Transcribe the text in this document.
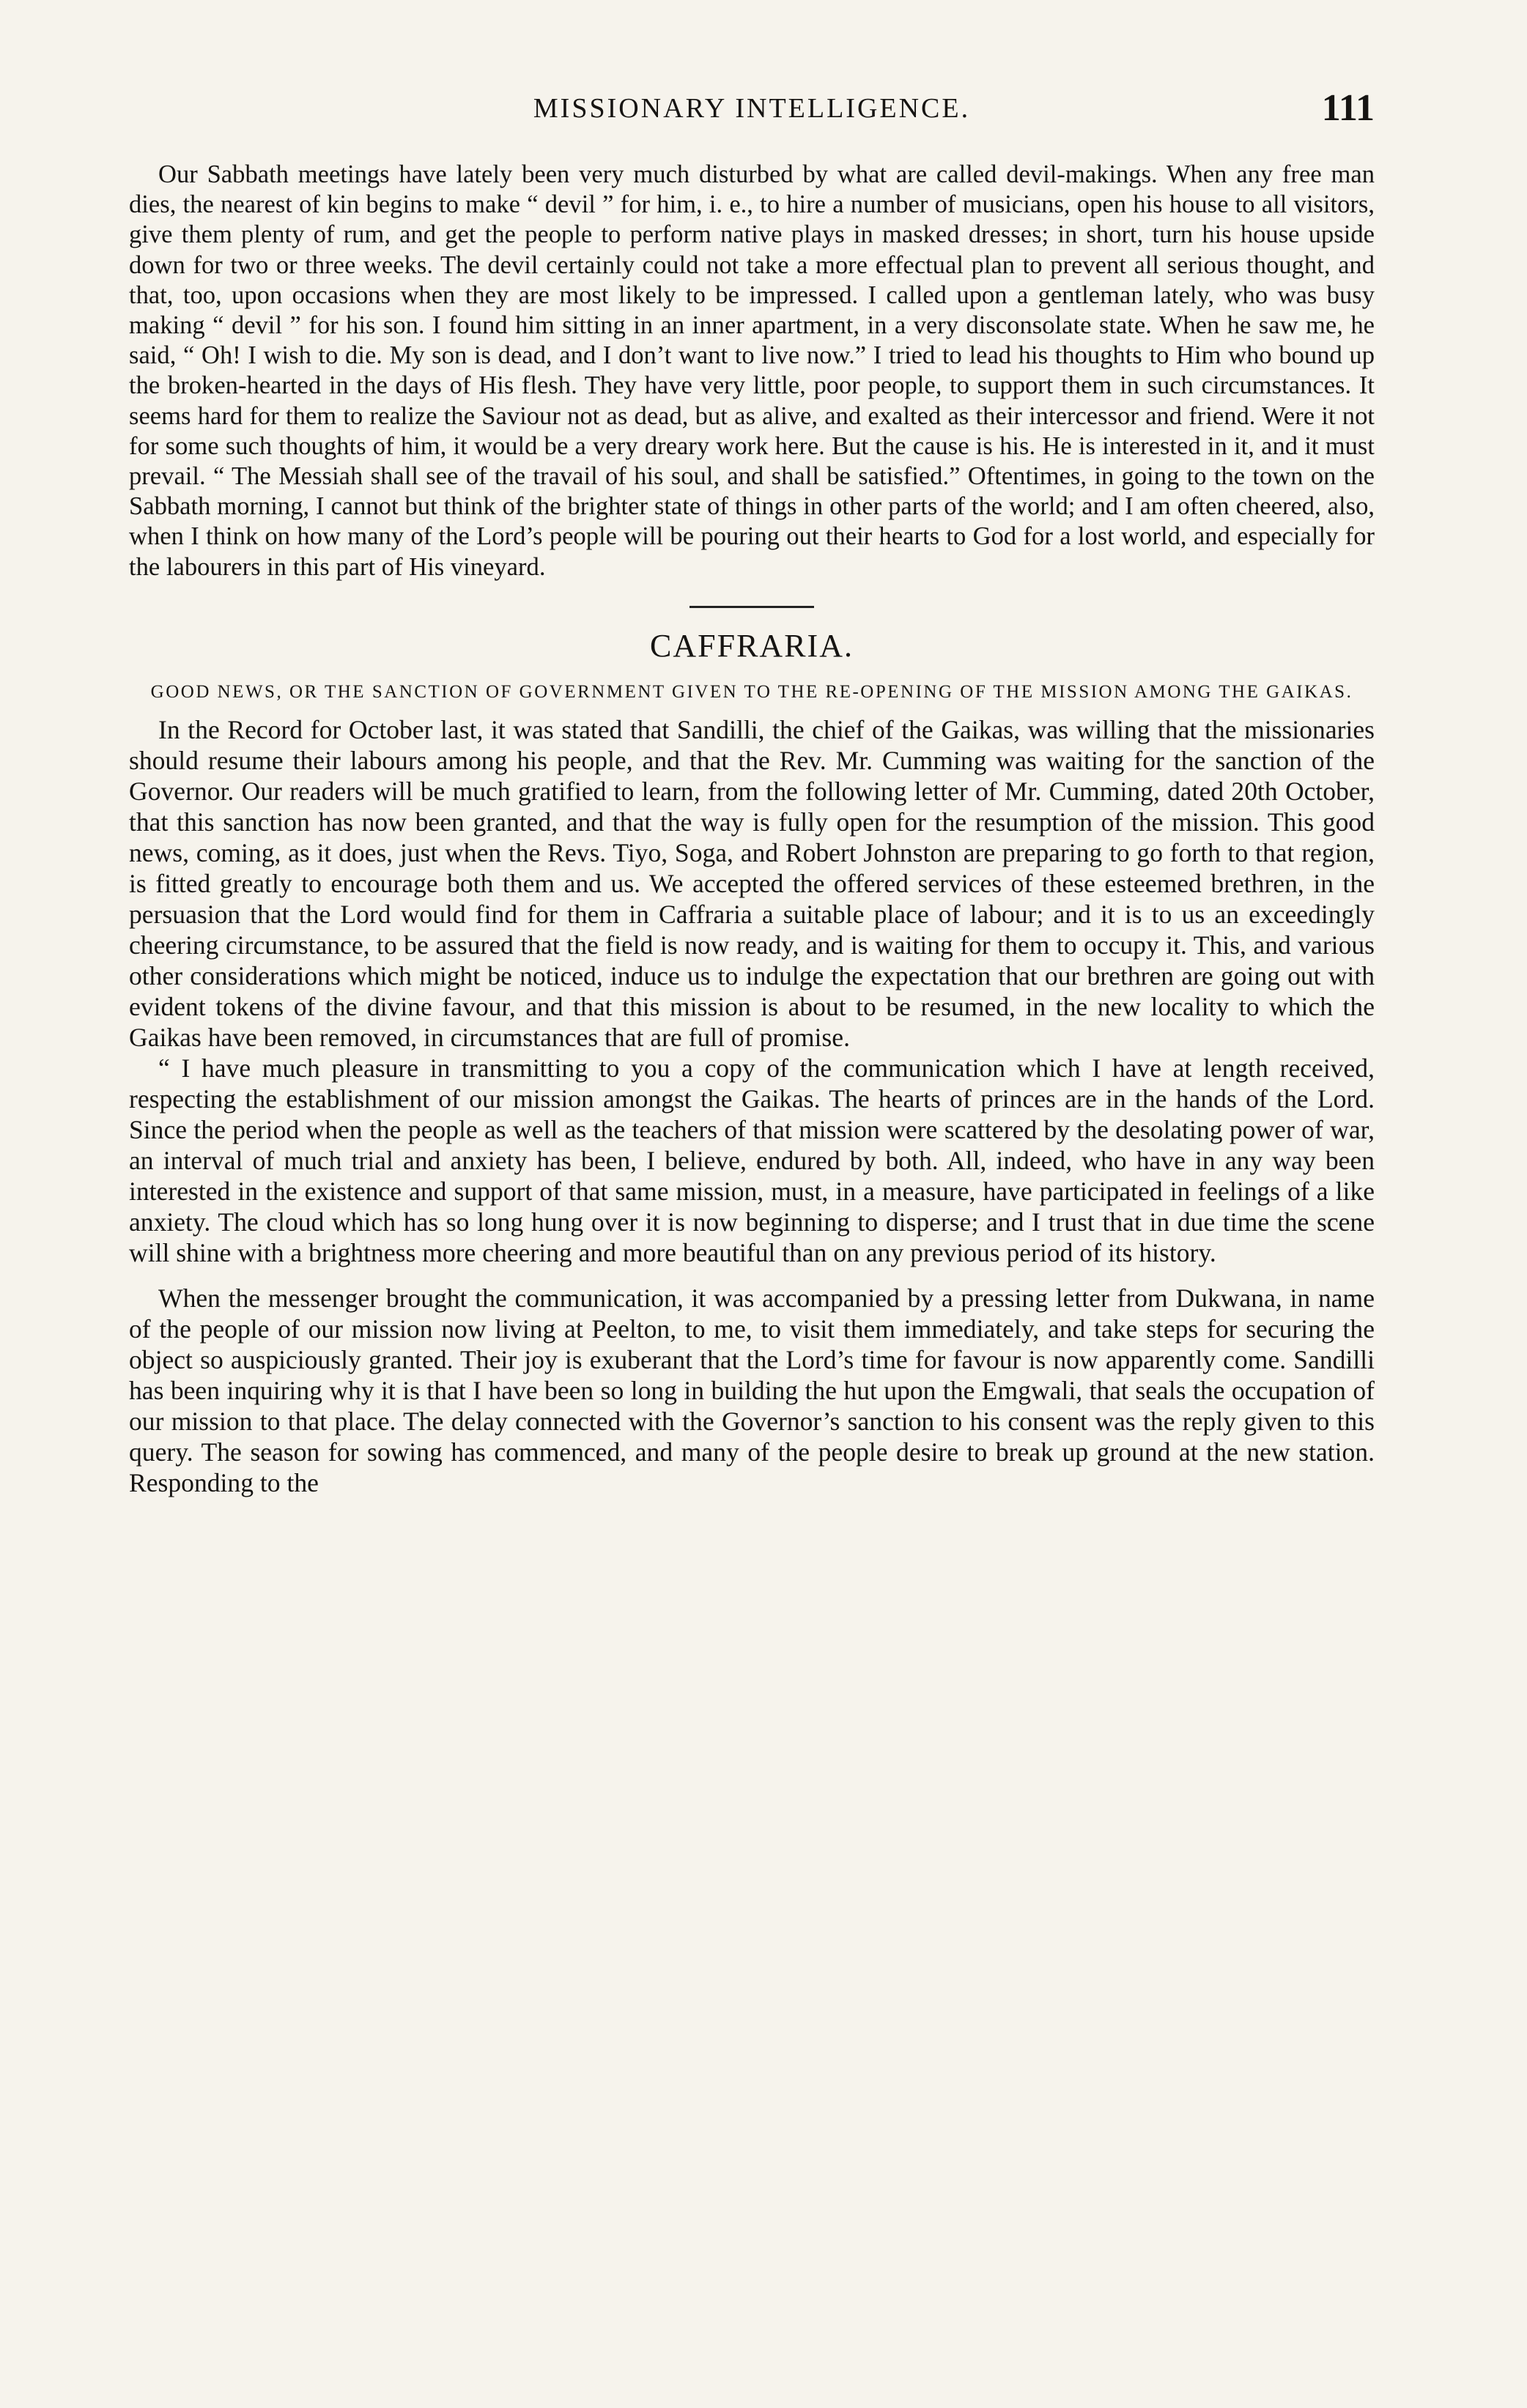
MISSIONARY INTELLIGENCE.	111

Our Sabbath meetings have lately been very much disturbed by what are called devil-makings. When any free man dies, the nearest of kin begins to make “ devil ” for him, i. e., to hire a number of musicians, open his house to all visitors, give them plenty of rum, and get the people to perform native plays in masked dresses; in short, turn his house upside down for two or three weeks. The devil certainly could not take a more effectual plan to prevent all serious thought, and that, too, upon occasions when they are most likely to be impressed. I called upon a gentleman lately, who was busy making “ devil ” for his son. I found him sitting in an inner apartment, in a very disconsolate state. When he saw me, he said, “ Oh! I wish to die. My son is dead, and I don’t want to live now.” I tried to lead his thoughts to Him who bound up the broken-hearted in the days of His flesh. They have very little, poor people, to support them in such circumstances. It seems hard for them to realize the Saviour not as dead, but as alive, and exalted as their intercessor and friend. Were it not for some such thoughts of him, it would be a very dreary work here. But the cause is his. He is interested in it, and it must prevail. “ The Messiah shall see of the travail of his soul, and shall be satisfied.” Oftentimes, in going to the town on the Sabbath morning, I cannot but think of the brighter state of things in other parts of the world; and I am often cheered, also, when I think on how many of the Lord’s people will be pouring out their hearts to God for a lost world, and especially for the labourers in this part of His vineyard.

CAFFRARIA.
GOOD NEWS, OR THE SANCTION OF GOVERNMENT GIVEN TO THE RE-OPENING OF THE MISSION AMONG THE GAIKAS.

In the Record for October last, it was stated that Sandilli, the chief of the Gaikas, was willing that the missionaries should resume their labours among his people, and that the Rev. Mr. Cumming was waiting for the sanction of the Governor. Our readers will be much gratified to learn, from the following letter of Mr. Cumming, dated 20th October, that this sanction has now been granted, and that the way is fully open for the resumption of the mission. This good news, coming, as it does, just when the Revs. Tiyo, Soga, and Robert Johnston are preparing to go forth to that region, is fitted greatly to encourage both them and us. We accepted the offered services of these esteemed brethren, in the persuasion that the Lord would find for them in Caffraria a suitable place of labour; and it is to us an exceedingly cheering circumstance, to be assured that the field is now ready, and is waiting for them to occupy it. This, and various other considerations which might be noticed, induce us to indulge the expectation that our brethren are going out with evident tokens of the divine favour, and that this mission is about to be resumed, in the new locality to which the Gaikas have been removed, in circumstances that are full of promise.

“ I have much pleasure in transmitting to you a copy of the communication which I have at length received, respecting the establishment of our mission amongst the Gaikas. The hearts of princes are in the hands of the Lord. Since the period when the people as well as the teachers of that mission were scattered by the desolating power of war, an interval of much trial and anxiety has been, I believe, endured by both. All, indeed, who have in any way been interested in the existence and support of that same mission, must, in a measure, have participated in feelings of a like anxiety. The cloud which has so long hung over it is now beginning to disperse; and I trust that in due time the scene will shine with a brightness more cheering and more beautiful than on any previous period of its history.

When the messenger brought the communication, it was accompanied by a pressing letter from Dukwana, in name of the people of our mission now living at Peelton, to me, to visit them immediately, and take steps for securing the object so auspiciously granted. Their joy is exuberant that the Lord’s time for favour is now apparently come. Sandilli has been inquiring why it is that I have been so long in building the hut upon the Emgwali, that seals the occupation of our mission to that place. The delay connected with the Governor’s sanction to his consent was the reply given to this query. The season for sowing has commenced, and many of the people desire to break up ground at the new station. Responding to the
